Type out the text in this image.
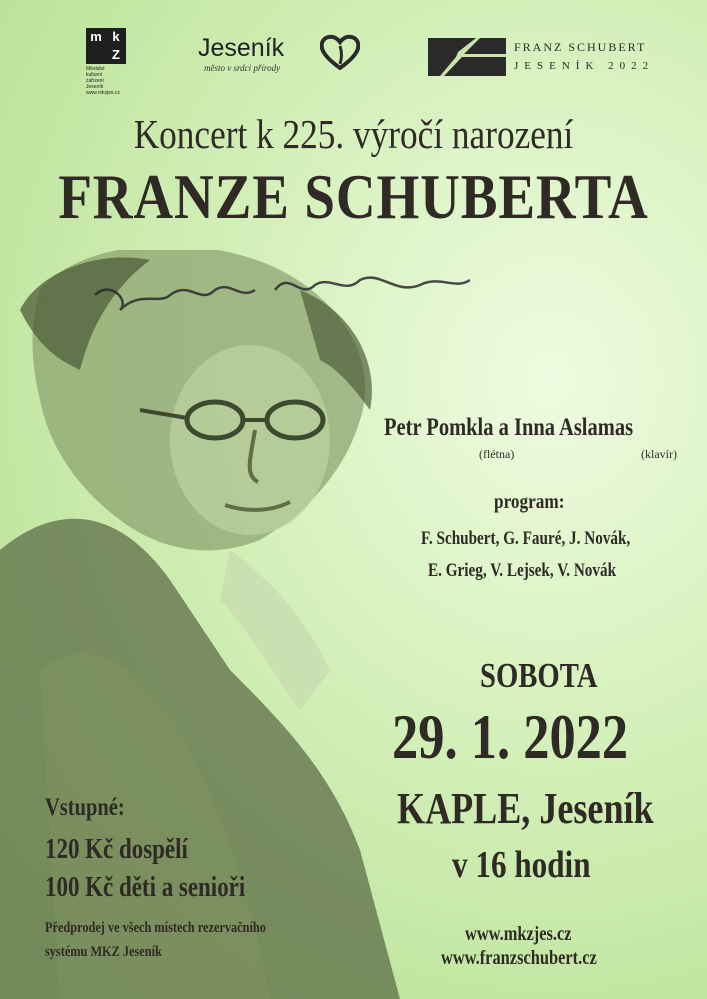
m k
Z
Městské
kulturní
zařízení
Jeseník
www.mkzjes.cz
Jeseník
město v srdci přírody
FRANZ SCHUBERT
JESENÍK 2022
Koncert k 225. výročí narození
FRANZE SCHUBERTA
Petr Pomkla a Inna Aslamas
(flétna)	(klavír)
program:
F. Schubert, G. Fauré, J. Novák,
E. Grieg, V. Lejsek, V. Novák
SOBOTA
29. 1. 2022
KAPLE, Jeseník
v 16 hodin
Vstupné:
120 Kč dospělí
100 Kč děti a senioři
Předprodej ve všech místech rezervačního
systému MKZ Jeseník
www.mkzjes.cz
www.franzschubert.cz
